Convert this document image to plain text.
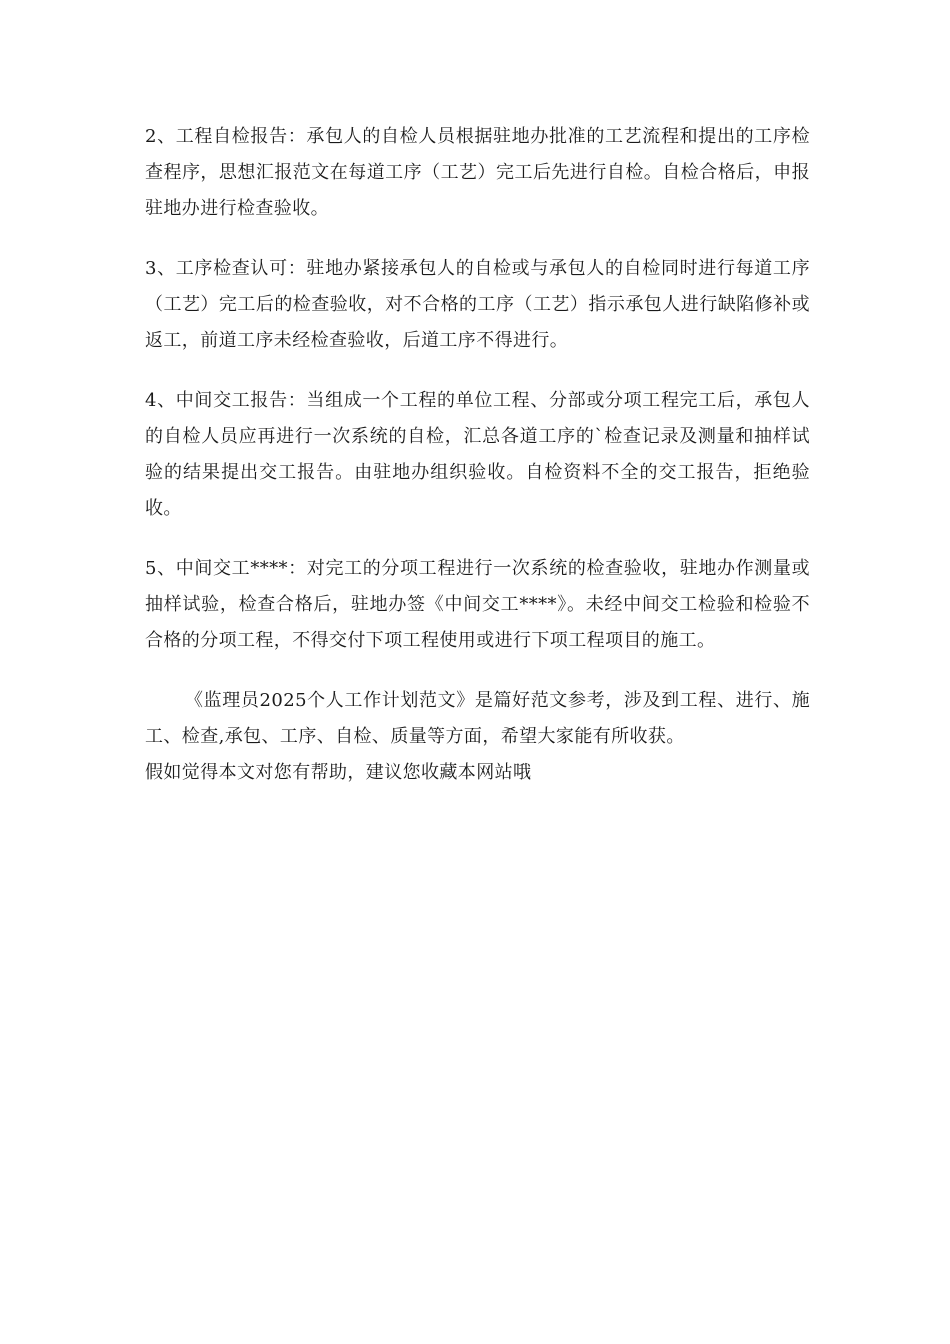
2、工程自检报告：承包人的自检人员根据驻地办批准的工艺流程和提出的工序检查程序，思想汇报范文在每道工序（工艺）完工后先进行自检。自检合格后，申报驻地办进行检查验收。

3、工序检查认可：驻地办紧接承包人的自检或与承包人的自检同时进行每道工序（工艺）完工后的检查验收，对不合格的工序（工艺）指示承包人进行缺陷修补或返工，前道工序未经检查验收，后道工序不得进行。

4、中间交工报告：当组成一个工程的单位工程、分部或分项工程完工后，承包人的自检人员应再进行一次系统的自检，汇总各道工序的`检查记录及测量和抽样试验的结果提出交工报告。由驻地办组织验收。自检资料不全的交工报告，拒绝验收。

5、中间交工****：对完工的分项工程进行一次系统的检查验收，驻地办作测量或抽样试验，检查合格后，驻地办签《中间交工****》。未经中间交工检验和检验不合格的分项工程，不得交付下项工程使用或进行下项工程项目的施工。

《监理员2025个人工作计划范文》是篇好范文参考，涉及到工程、进行、施工、检查,承包、工序、自检、质量等方面，希望大家能有所收获。

假如觉得本文对您有帮助，建议您收藏本网站哦
